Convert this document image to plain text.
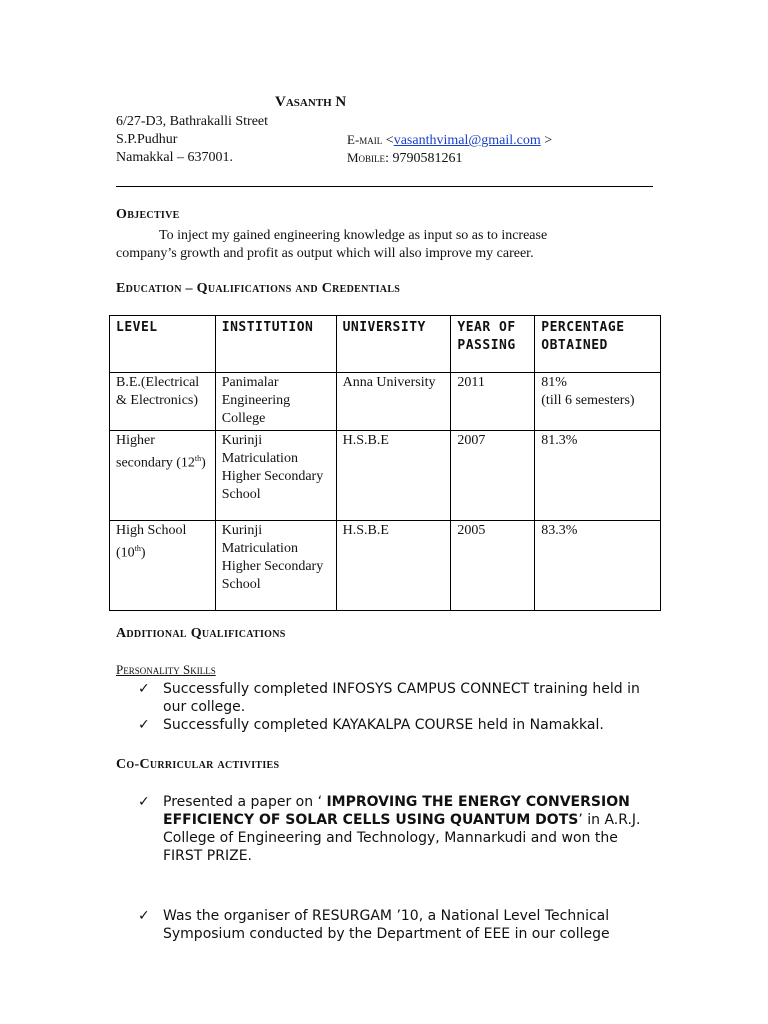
Vasanth N
6/27-D3, Bathrakalli Street
S.P.Pudhur
Namakkal – 637001.
E-mail <vasanthvimal@gmail.com >
Mobile: 9790581261
Objective

To inject my gained engineering knowledge as input so as to increase

company’s growth and profit as output which will also improve my career.

Education – Qualifications and Credentials
LEVEL	INSTITUTION	UNIVERSITY	YEAR OF PASSING	PERCENTAGE OBTAINED
B.E.(Electrical & Electronics)	Panimalar Engineering College	Anna University	2011	81%
(till 6 semesters)

Higher secondary (12th)	Kurinji Matriculation Higher Secondary School	H.S.B.E	2007	81.3%
High School (10th)	Kurinji Matriculation Higher Secondary School	H.S.B.E	2005	83.3%
Additional Qualifications
Personality Skills
✓ Successfully completed INFOSYS CAMPUS CONNECT training held in our college.
✓ Successfully completed KAYAKALPA COURSE held in Namakkal.
Co-Curricular activities
✓ Presented a paper on ‘ IMPROVING THE ENERGY CONVERSION EFFICIENCY OF SOLAR CELLS USING QUANTUM DOTS’ in A.R.J. College of Engineering and Technology, Mannarkudi and won the FIRST PRIZE.
✓ Was the organiser of RESURGAM ’10, a National Level Technical Symposium conducted by the Department of EEE in our college
